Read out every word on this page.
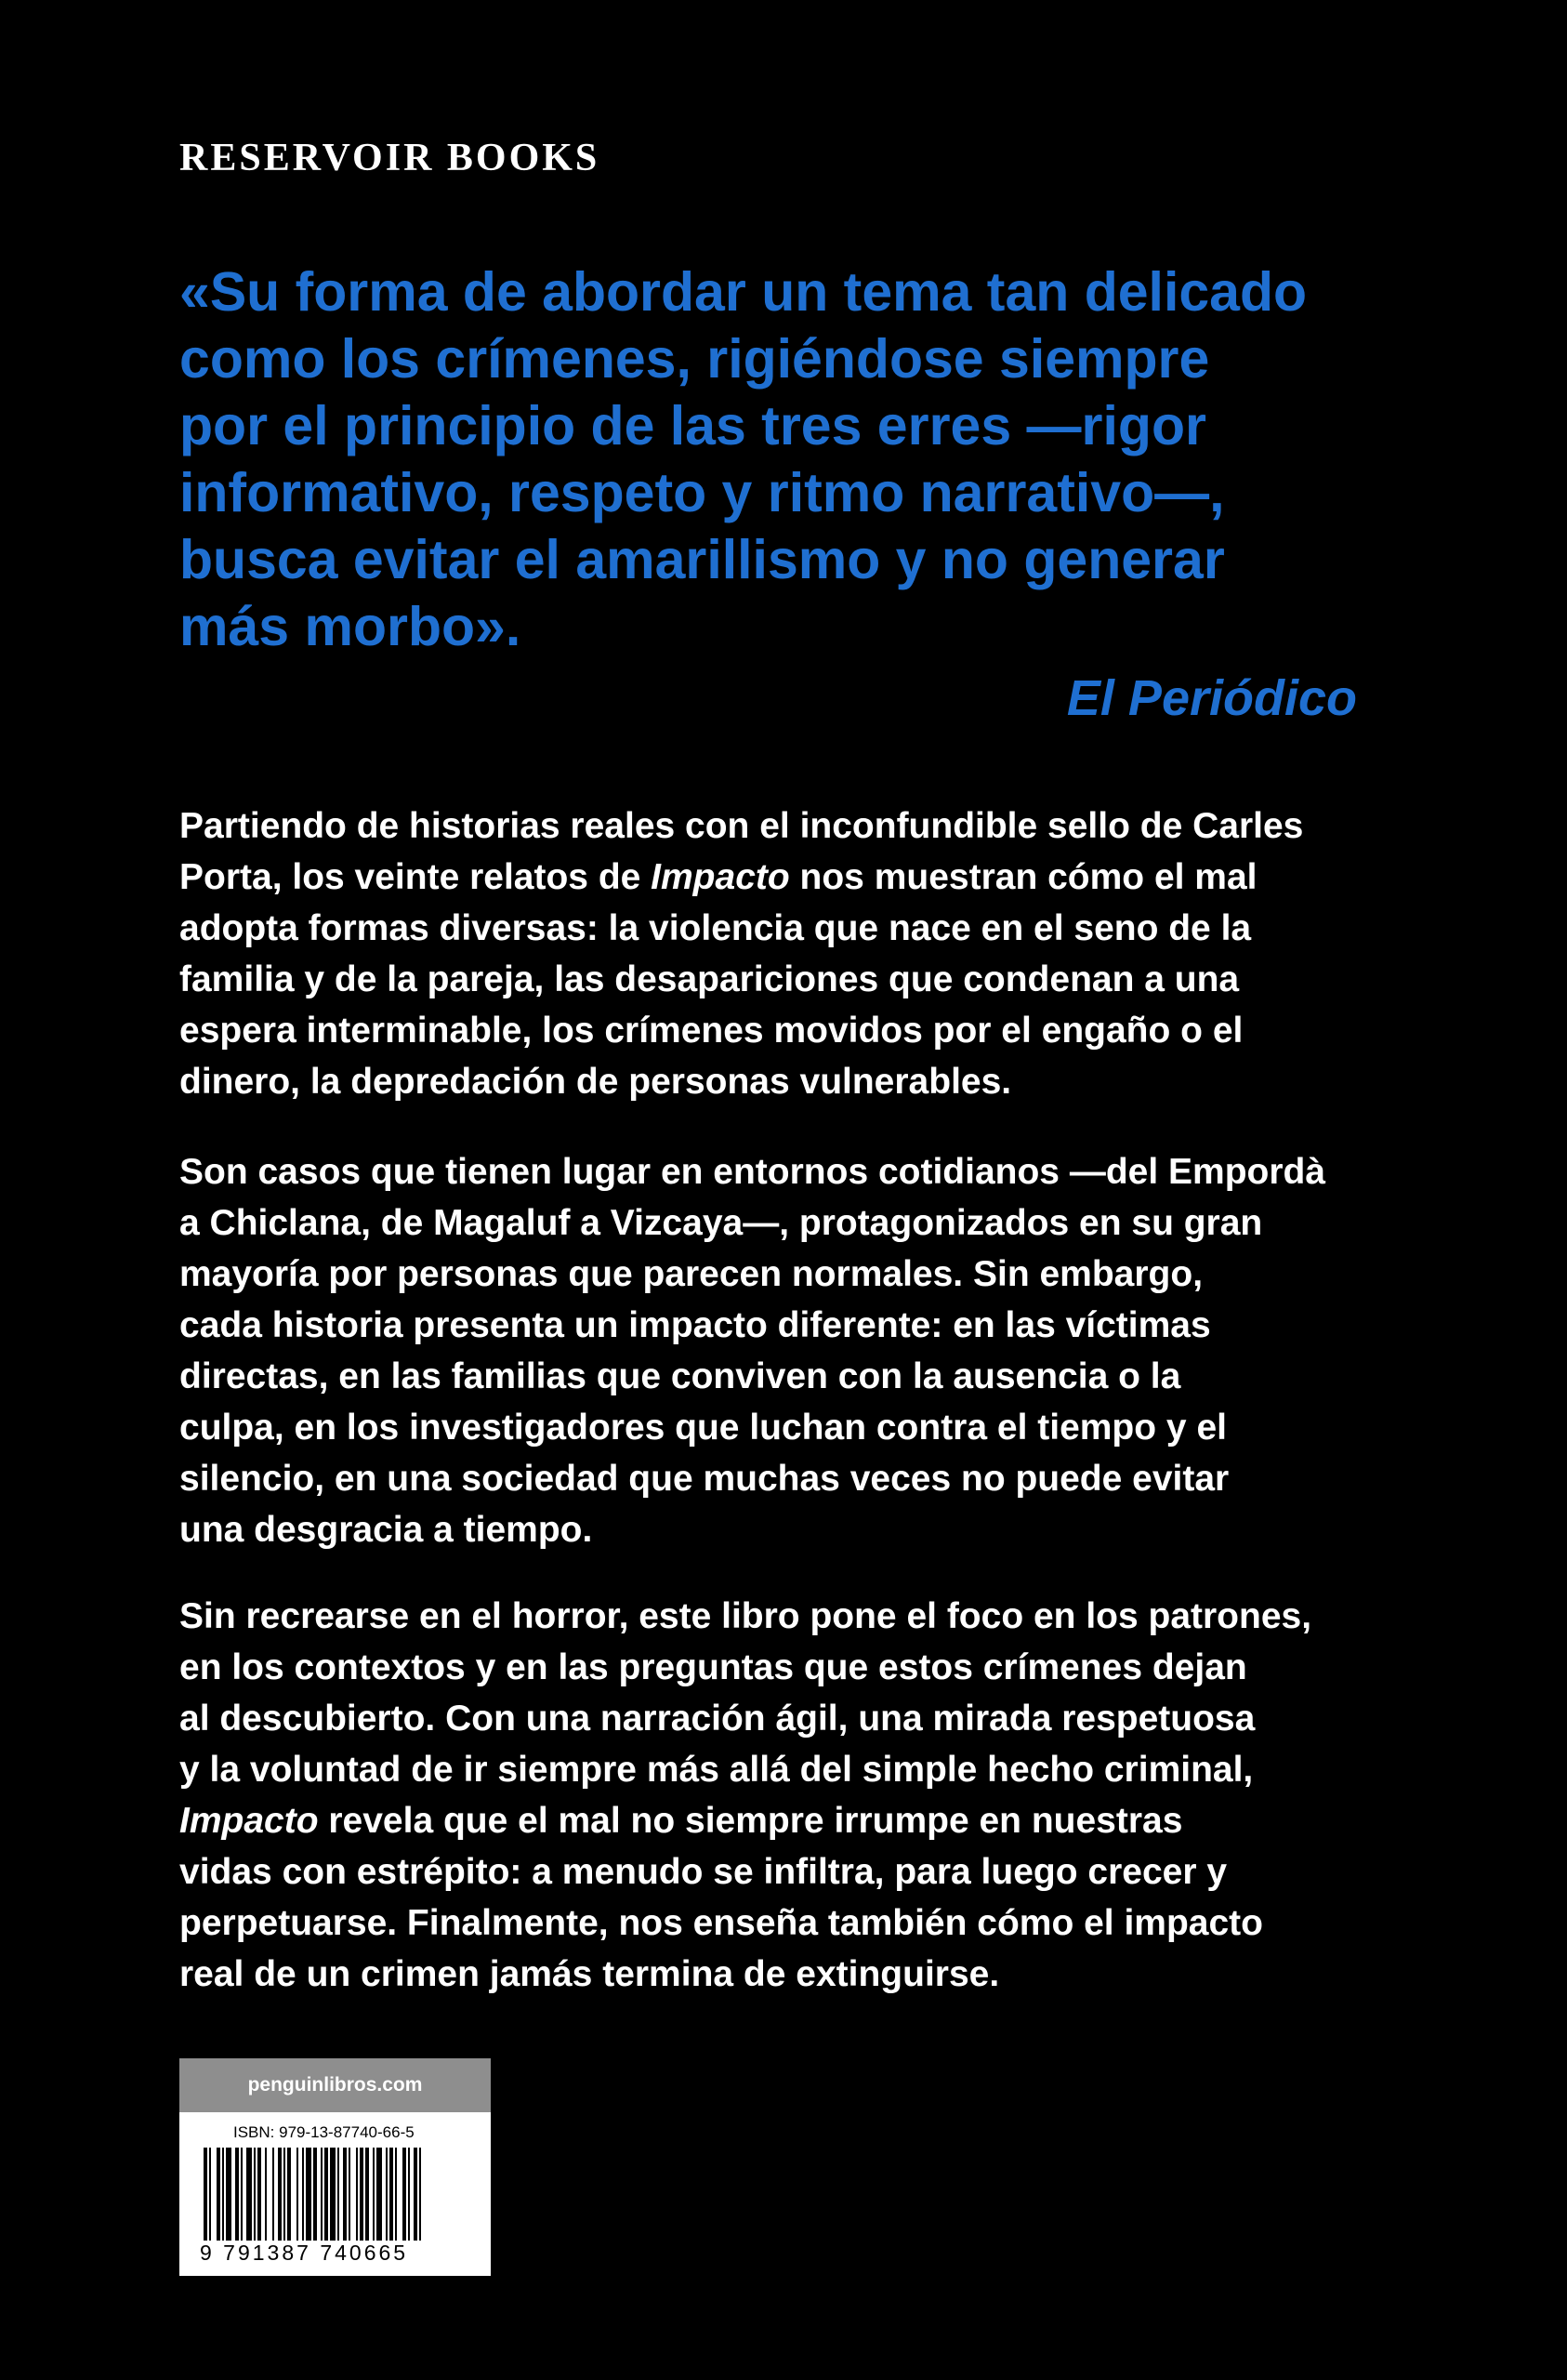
RESERVOIR BOOKS
«Su forma de abordar un tema tan delicado
como los crímenes, rigiéndose siempre
por el principio de las tres erres —rigor
informativo, respeto y ritmo narrativo—,
busca evitar el amarillismo y no generar
más morbo».
El Periódico
Partiendo de historias reales con el inconfundible sello de Carles
Porta, los veinte relatos de Impacto nos muestran cómo el mal
adopta formas diversas: la violencia que nace en el seno de la
familia y de la pareja, las desapariciones que condenan a una
espera interminable, los crímenes movidos por el engaño o el
dinero, la depredación de personas vulnerables.
Son casos que tienen lugar en entornos cotidianos —del Empordà
a Chiclana, de Magaluf a Vizcaya—, protagonizados en su gran
mayoría por personas que parecen normales. Sin embargo,
cada historia presenta un impacto diferente: en las víctimas
directas, en las familias que conviven con la ausencia o la
culpa, en los investigadores que luchan contra el tiempo y el
silencio, en una sociedad que muchas veces no puede evitar
una desgracia a tiempo.
Sin recrearse en el horror, este libro pone el foco en los patrones,
en los contextos y en las preguntas que estos crímenes dejan
al descubierto. Con una narración ágil, una mirada respetuosa
y la voluntad de ir siempre más allá del simple hecho criminal,
Impacto revela que el mal no siempre irrumpe en nuestras
vidas con estrépito: a menudo se infiltra, para luego crecer y
perpetuarse. Finalmente, nos enseña también cómo el impacto
real de un crimen jamás termina de extinguirse.
penguinlibros.com
ISBN: 979-13-87740-66-5
9 791387 740665
